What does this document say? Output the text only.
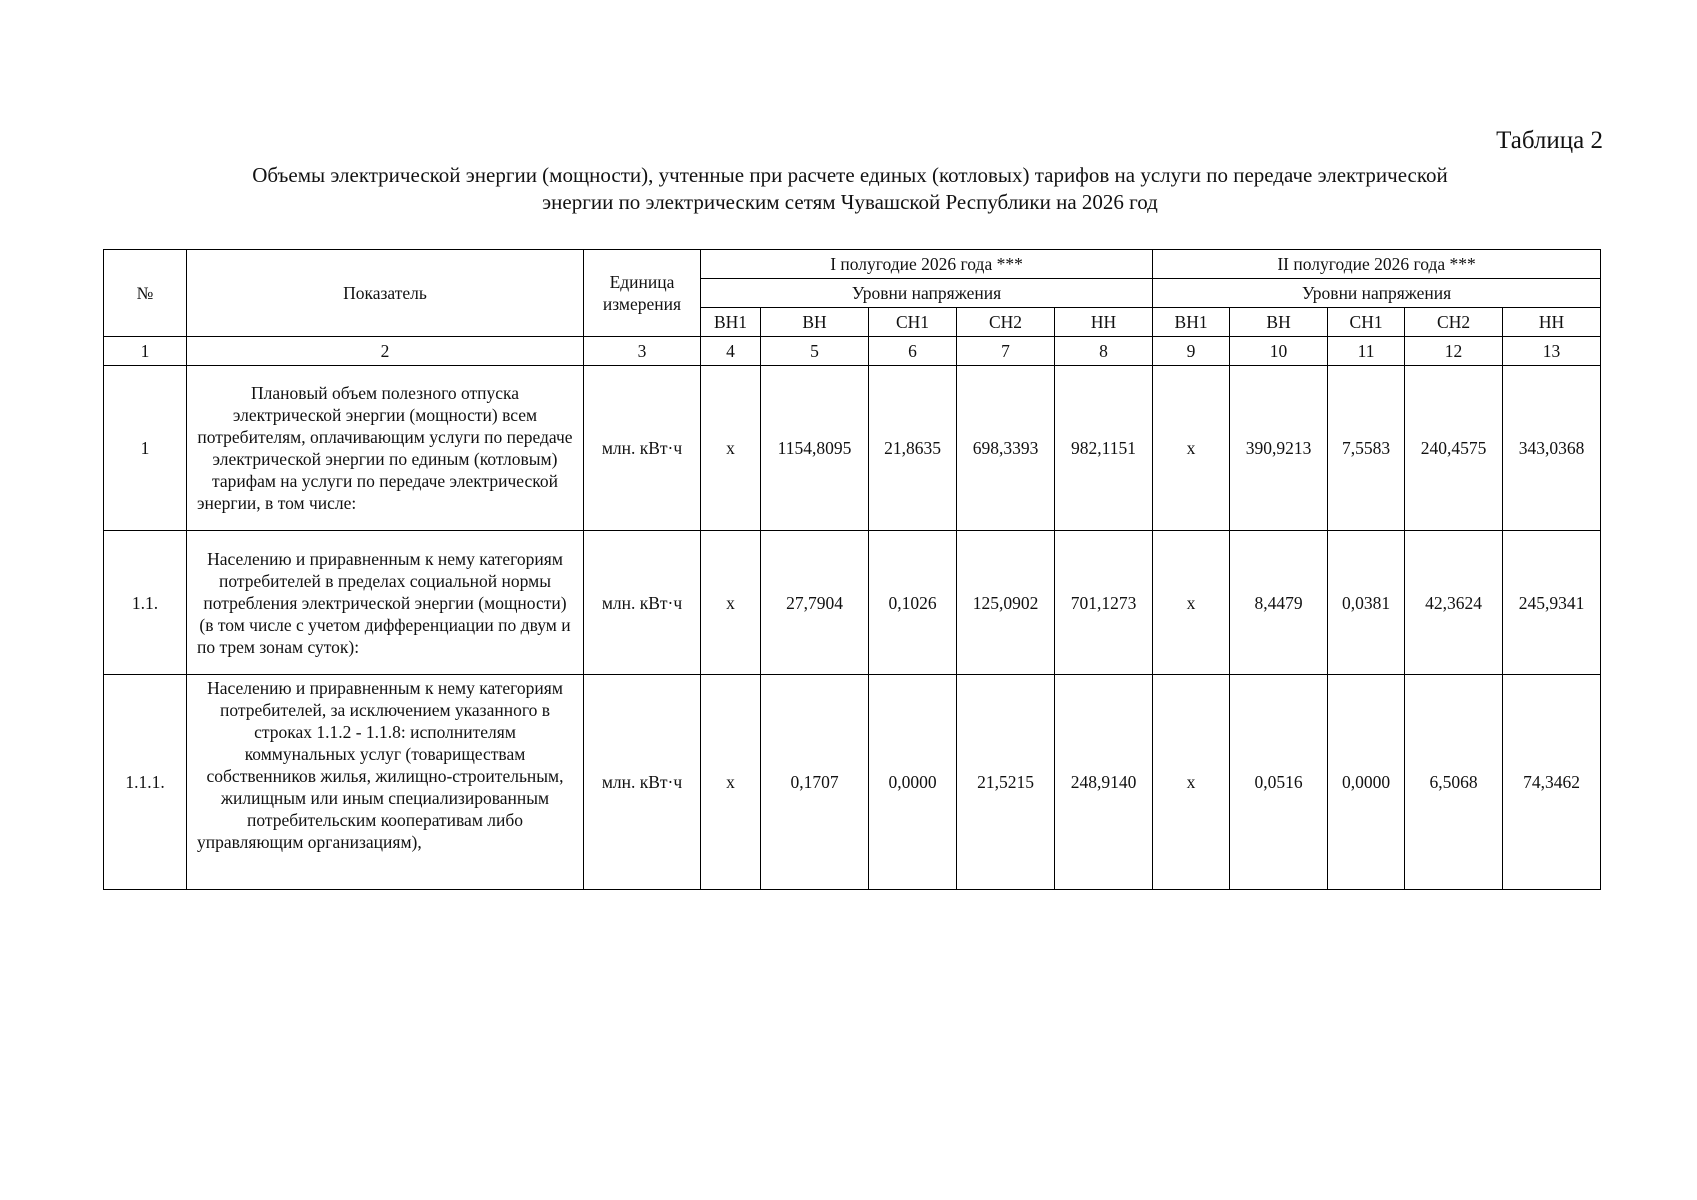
Таблица 2
Объемы электрической энергии (мощности), учтенные при расчете единых (котловых) тарифов на услуги по передаче электрической
энергии по электрическим сетям Чувашской Республики на 2026 год
№	Показатель	Единица измерения	I полугодие 2026 года ***					II полугодие 2026 года ***				
			Уровни напряжения					Уровни напряжения				
			ВН1	ВН	СН1	СН2	НН	ВН1	ВН	СН1	СН2	НН
1	2	3	4	5	6	7	8	9	10	11	12	13
1	Плановый объем полезного отпуска электрической энергии (мощности) всем потребителям, оплачивающим услуги по передаче электрической энергии по единым (котловым) тарифам на услуги по передаче электрической энергии, в том числе:	млн. кВт·ч	x	1154,8095	21,8635	698,3393	982,1151	x	390,9213	7,5583	240,4575	343,0368
1.1.	Населению и приравненным к нему категориям потребителей в пределах социальной нормы потребления электрической энергии (мощности) (в том числе с учетом дифференциации по двум и по трем зонам суток):	млн. кВт·ч	x	27,7904	0,1026	125,0902	701,1273	x	8,4479	0,0381	42,3624	245,9341
1.1.1.	Населению и приравненным к нему категориям потребителей, за исключением указанного в строках 1.1.2 - 1.1.8: исполнителям коммунальных услуг (товариществам собственников жилья, жилищно-строительным, жилищным или иным специализированным потребительским кооперативам либо управляющим организациям),	млн. кВт·ч	x	0,1707	0,0000	21,5215	248,9140	x	0,0516	0,0000	6,5068	74,3462
